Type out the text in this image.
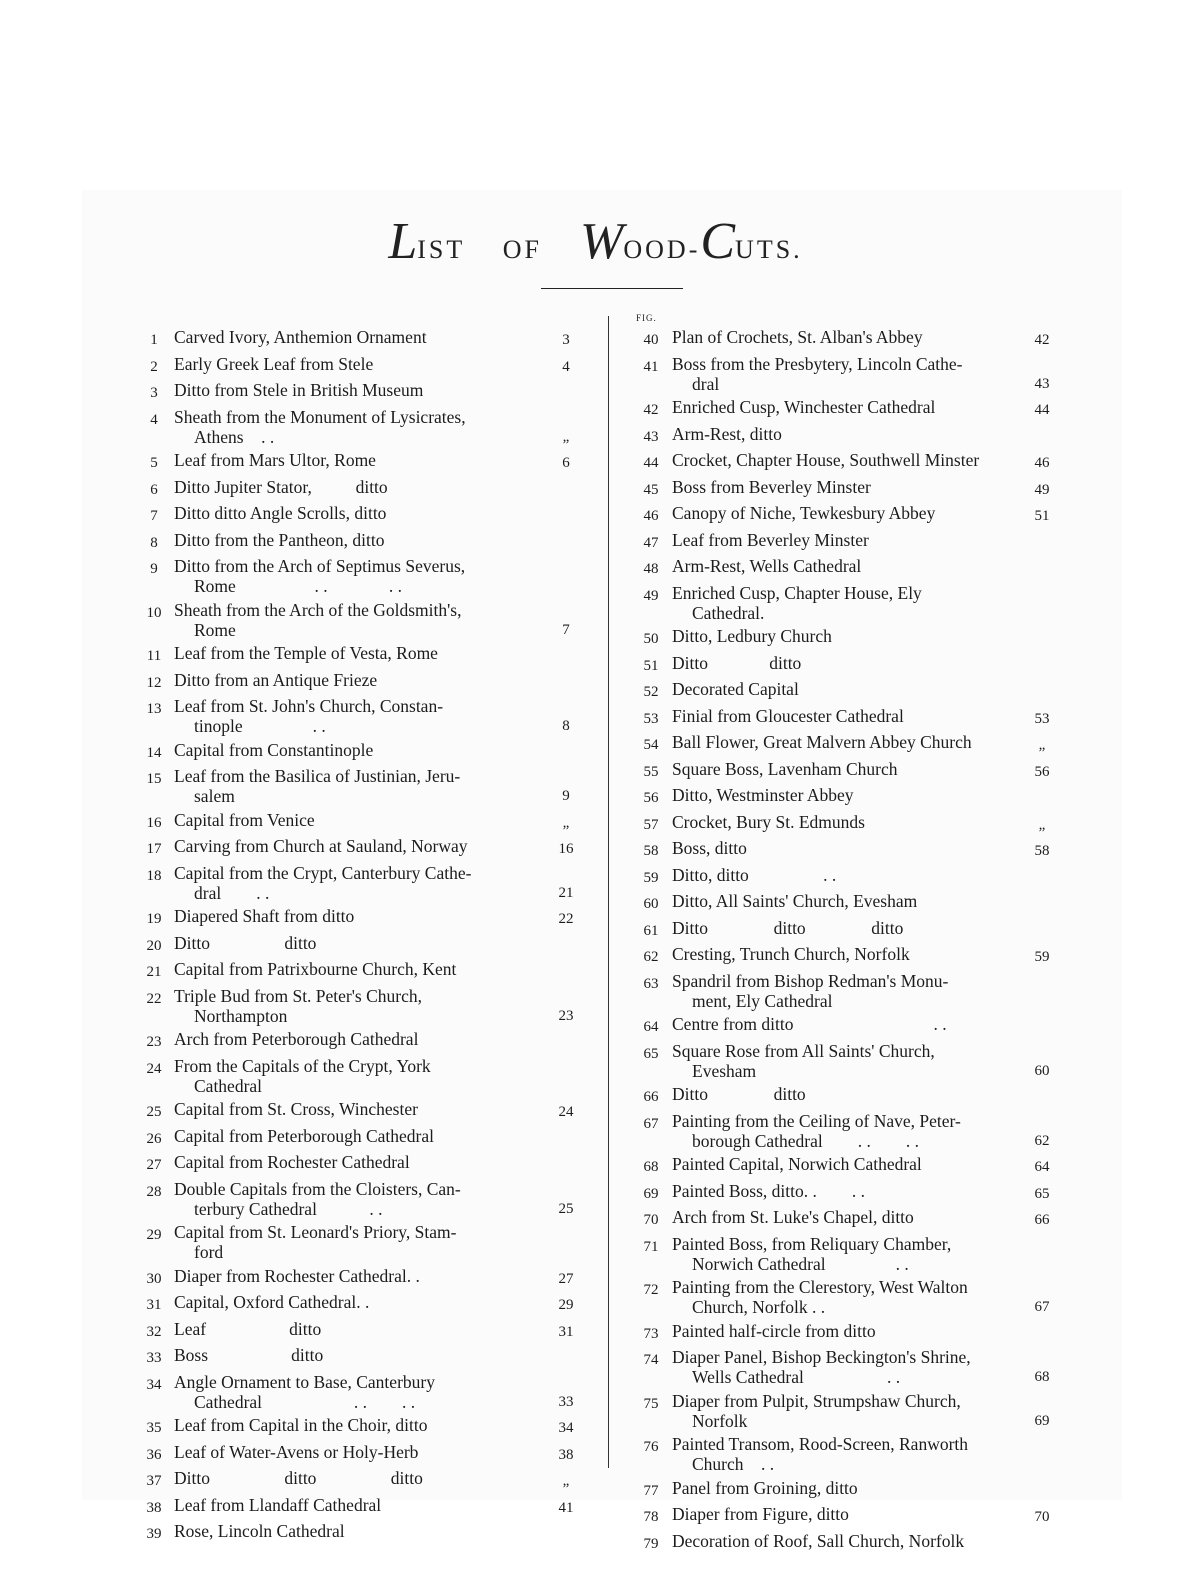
LIST OF WOOD-CUTS.
FIG.
1 Carved Ivory, Anthemion Ornament	3
2 Early Greek Leaf from Stele	4
3 Ditto from Stele in British Museum
4 Sheath from the Monument of Lysicrates,
Athens    . .	„
5 Leaf from Mars Ultor, Rome	6
6 Ditto Jupiter Stator,          ditto
7 Ditto ditto Angle Scrolls, ditto
8 Ditto from the Pantheon, ditto
9 Ditto from the Arch of Septimus Severus,
Rome                  . .              . .
10 Sheath from the Arch of the Goldsmith's,
Rome	7
11 Leaf from the Temple of Vesta, Rome
12 Ditto from an Antique Frieze
13 Leaf from St. John's Church, Constan-
tinople                . .	8
14 Capital from Constantinople
15 Leaf from the Basilica of Justinian, Jeru-
salem	9
16 Capital from Venice	„
17 Carving from Church at Sauland, Norway	16
18 Capital from the Crypt, Canterbury Cathe-
dral        . .	21
19 Diapered Shaft from ditto	22
20 Ditto                 ditto
21 Capital from Patrixbourne Church, Kent
22 Triple Bud from St. Peter's Church,
Northampton	23
23 Arch from Peterborough Cathedral
24 From the Capitals of the Crypt, York
Cathedral
25 Capital from St. Cross, Winchester	24
26 Capital from Peterborough Cathedral
27 Capital from Rochester Cathedral
28 Double Capitals from the Cloisters, Can-
terbury Cathedral            . .	25
29 Capital from St. Leonard's Priory, Stam-
ford
30 Diaper from Rochester Cathedral. .	27
31 Capital, Oxford Cathedral. .	29
32 Leaf                   ditto	31
33 Boss                   ditto
34 Angle Ornament to Base, Canterbury
Cathedral                     . .        . .	33
35 Leaf from Capital in the Choir, ditto	34
36 Leaf of Water-Avens or Holy-Herb	38
37 Ditto                 ditto                 ditto	„
38 Leaf from Llandaff Cathedral	41
39 Rose, Lincoln Cathedral
40 Plan of Crochets, St. Alban's Abbey	42
41 Boss from the Presbytery, Lincoln Cathe-
dral	43
42 Enriched Cusp, Winchester Cathedral	44
43 Arm-Rest, ditto
44 Crocket, Chapter House, Southwell Minster	46
45 Boss from Beverley Minster	49
46 Canopy of Niche, Tewkesbury Abbey	51
47 Leaf from Beverley Minster
48 Arm-Rest, Wells Cathedral
49 Enriched Cusp, Chapter House, Ely
Cathedral.
50 Ditto, Ledbury Church
51 Ditto              ditto
52 Decorated Capital
53 Finial from Gloucester Cathedral	53
54 Ball Flower, Great Malvern Abbey Church	„
55 Square Boss, Lavenham Church	56
56 Ditto, Westminster Abbey
57 Crocket, Bury St. Edmunds	„
58 Boss, ditto	58
59 Ditto, ditto                 . .
60 Ditto, All Saints' Church, Evesham
61 Ditto               ditto               ditto
62 Cresting, Trunch Church, Norfolk	59
63 Spandril from Bishop Redman's Monu-
ment, Ely Cathedral
64 Centre from ditto                                . .
65 Square Rose from All Saints' Church,
Evesham	60
66 Ditto               ditto
67 Painting from the Ceiling of Nave, Peter-
borough Cathedral        . .        . .	62
68 Painted Capital, Norwich Cathedral	64
69 Painted Boss, ditto. .        . .	65
70 Arch from St. Luke's Chapel, ditto	66
71 Painted Boss, from Reliquary Chamber,
Norwich Cathedral                . .
72 Painting from the Clerestory, West Walton
Church, Norfolk . .	67
73 Painted half-circle from ditto
74 Diaper Panel, Bishop Beckington's Shrine,
Wells Cathedral                   . .	68
75 Diaper from Pulpit, Strumpshaw Church,
Norfolk	69
76 Painted Transom, Rood-Screen, Ranworth
Church    . .
77 Panel from Groining, ditto
78 Diaper from Figure, ditto	70
79 Decoration of Roof, Sall Church, Norfolk
